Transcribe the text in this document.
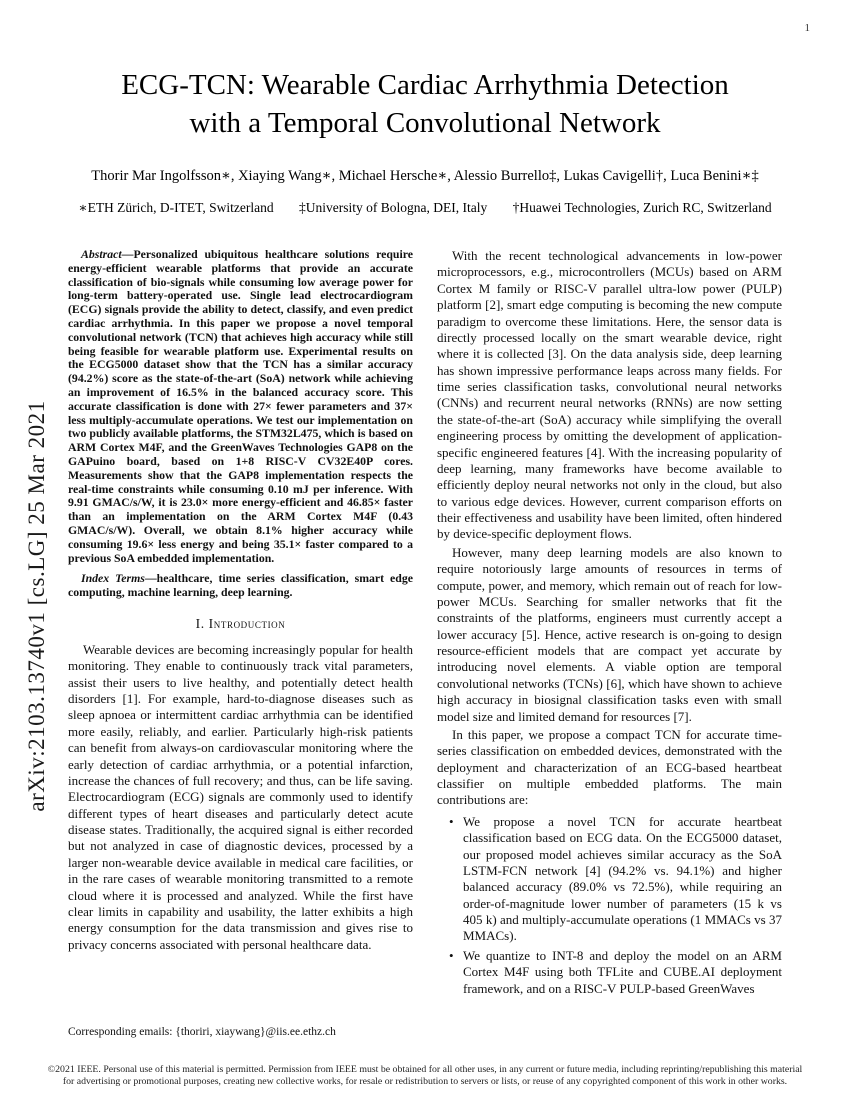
1
arXiv:2103.13740v1 [cs.LG] 25 Mar 2021
ECG-TCN: Wearable Cardiac Arrhythmia Detection
with a Temporal Convolutional Network
Thorir Mar Ingolfsson∗, Xiaying Wang∗, Michael Hersche∗, Alessio Burrello‡, Lukas Cavigelli†, Luca Benini∗‡
∗ETH Zürich, D-ITET, Switzerland ‡University of Bologna, DEI, Italy †Huawei Technologies, Zurich RC, Switzerland

Abstract—Personalized ubiquitous healthcare solutions require energy-efficient wearable platforms that provide an accurate classification of bio-signals while consuming low average power for long-term battery-operated use. Single lead electrocardiogram (ECG) signals provide the ability to detect, classify, and even predict cardiac arrhythmia. In this paper we propose a novel temporal convolutional network (TCN) that achieves high accuracy while still being feasible for wearable platform use. Experimental results on the ECG5000 dataset show that the TCN has a similar accuracy (94.2%) score as the state-of-the-art (SoA) network while achieving an improvement of 16.5% in the balanced accuracy score. This accurate classification is done with 27× fewer parameters and 37× less multiply-accumulate operations. We test our implementation on two publicly available platforms, the STM32L475, which is based on ARM Cortex M4F, and the GreenWaves Technologies GAP8 on the GAPuino board, based on 1+8 RISC-V CV32E40P cores. Measurements show that the GAP8 implementation respects the real-time constraints while consuming 0.10 mJ per inference. With 9.91 GMAC/s/W, it is 23.0× more energy-efficient and 46.85× faster than an implementation on the ARM Cortex M4F (0.43 GMAC/s/W). Overall, we obtain 8.1% higher accuracy while consuming 19.6× less energy and being 35.1× faster compared to a previous SoA embedded implementation.

Index Terms—healthcare, time series classification, smart edge computing, machine learning, deep learning.

I. Introduction

Wearable devices are becoming increasingly popular for health monitoring. They enable to continuously track vital parameters, assist their users to live healthy, and potentially detect health disorders [1]. For example, hard-to-diagnose diseases such as sleep apnoea or intermittent cardiac arrhythmia can be identified more easily, reliably, and earlier. Particularly high-risk patients can benefit from always-on cardiovascular monitoring where the early detection of cardiac arrhythmia, or a potential infarction, increase the chances of full recovery; and thus, can be life saving. Electrocardiogram (ECG) signals are commonly used to identify different types of heart diseases and particularly detect acute disease states. Traditionally, the acquired signal is either recorded but not analyzed in case of diagnostic devices, processed by a larger non-wearable device available in medical care facilities, or in the rare cases of wearable monitoring transmitted to a remote cloud where it is processed and analyzed. While the first have clear limits in capability and usability, the latter exhibits a high energy consumption for the data transmission and gives rise to privacy concerns associated with personal healthcare data.

Corresponding emails: {thoriri, xiaywang}@iis.ee.ethz.ch

With the recent technological advancements in low-power microprocessors, e.g., microcontrollers (MCUs) based on ARM Cortex M family or RISC-V parallel ultra-low power (PULP) platform [2], smart edge computing is becoming the new compute paradigm to overcome these limitations. Here, the sensor data is directly processed locally on the smart wearable device, right where it is collected [3]. On the data analysis side, deep learning has shown impressive performance leaps across many fields. For time series classification tasks, convolutional neural networks (CNNs) and recurrent neural networks (RNNs) are now setting the state-of-the-art (SoA) accuracy while simplifying the overall engineering process by omitting the development of application-specific engineered features [4]. With the increasing popularity of deep learning, many frameworks have become available to efficiently deploy neural networks not only in the cloud, but also to various edge devices. However, current comparison efforts on their effectiveness and usability have been limited, often hindered by device-specific deployment flows.

However, many deep learning models are also known to require notoriously large amounts of resources in terms of compute, power, and memory, which remain out of reach for low-power MCUs. Searching for smaller networks that fit the constraints of the platforms, engineers must currently accept a lower accuracy [5]. Hence, active research is on-going to design resource-efficient models that are compact yet accurate by introducing novel elements. A viable option are temporal convolutional networks (TCNs) [6], which have shown to achieve high accuracy in biosignal classification tasks even with small model size and limited demand for resources [7].

In this paper, we propose a compact TCN for accurate time-series classification on embedded devices, demonstrated with the deployment and characterization of an ECG-based heartbeat classifier on multiple embedded platforms. The main contributions are:

• We propose a novel TCN for accurate heartbeat classification based on ECG data. On the ECG5000 dataset, our proposed model achieves similar accuracy as the SoA LSTM-FCN network [4] (94.2% vs. 94.1%) and higher balanced accuracy (89.0% vs 72.5%), while requiring an order-of-magnitude lower number of parameters (15 k vs 405 k) and multiply-accumulate operations (1 MMACs vs 37 MMACs).
• We quantize to INT-8 and deploy the model on an ARM Cortex M4F using both TFLite and CUBE.AI deployment framework, and on a RISC-V PULP-based GreenWaves
©2021 IEEE. Personal use of this material is permitted. Permission from IEEE must be obtained for all other uses, in any current or future media, including reprinting/republishing this material for advertising or promotional purposes, creating new collective works, for resale or redistribution to servers or lists, or reuse of any copyrighted component of this work in other works.
